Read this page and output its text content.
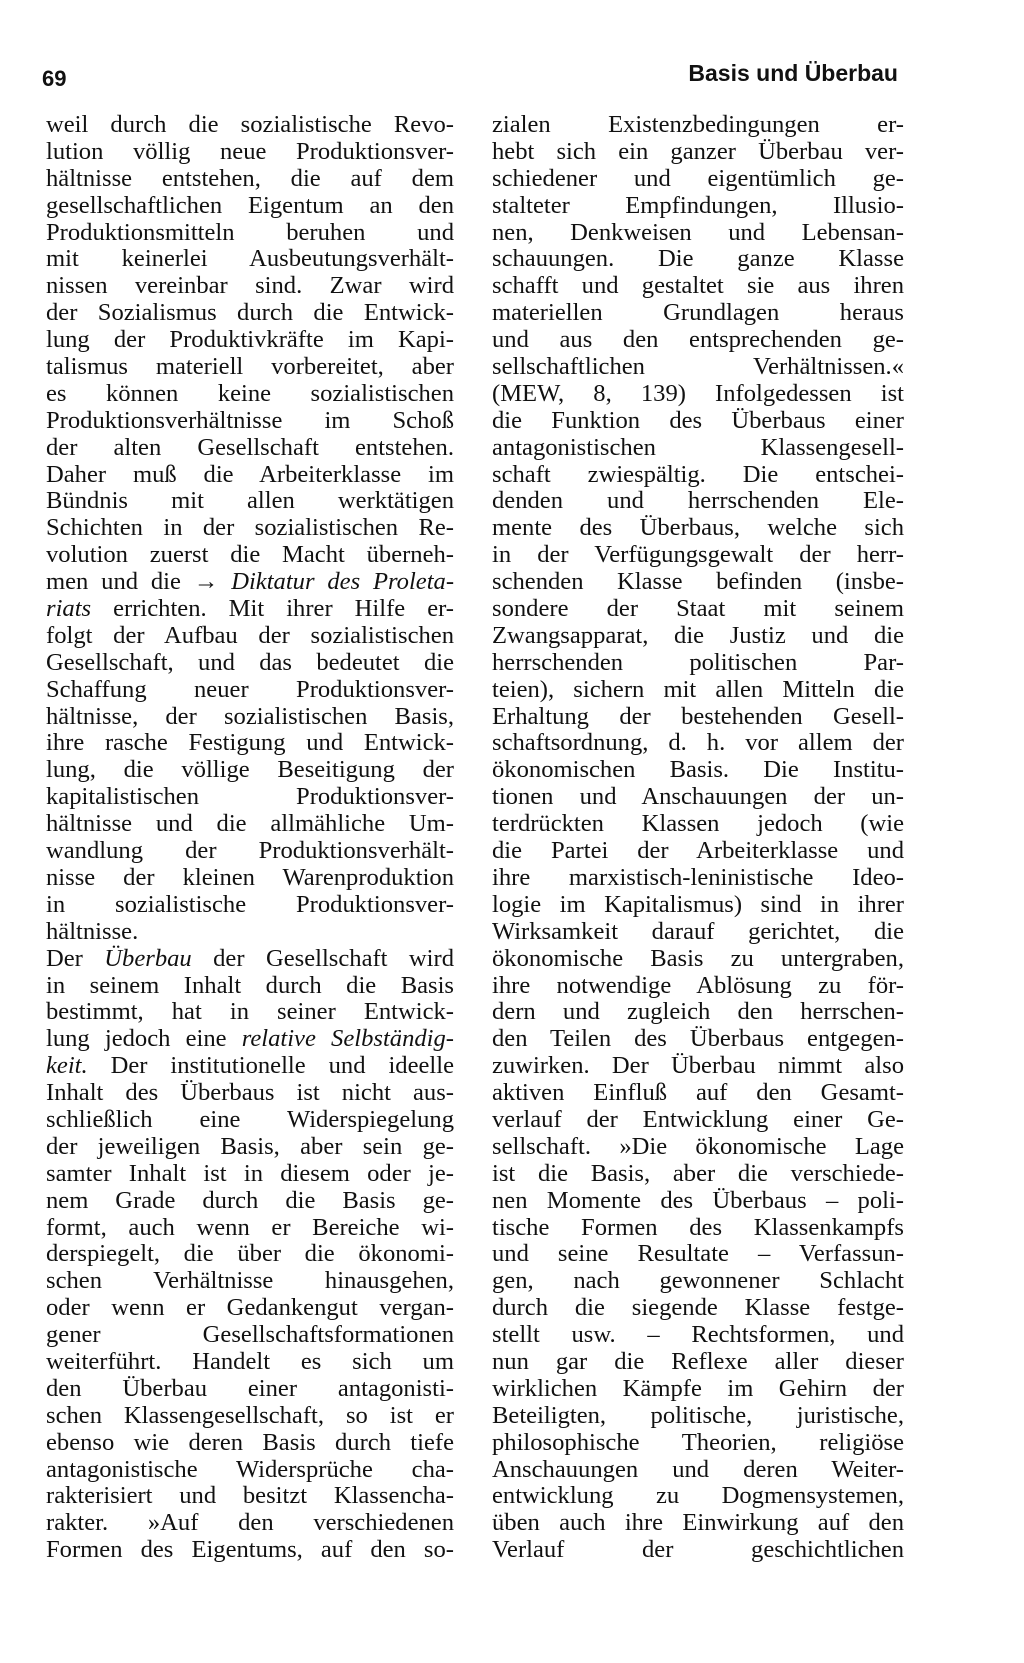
69	Basis und Überbau
weil durch die sozialistische Revo-
lution völlig neue Produktionsver-
hältnisse entstehen, die auf dem
gesellschaftlichen Eigentum an den
Produktionsmitteln beruhen und
mit keinerlei Ausbeutungsverhält-
nissen vereinbar sind. Zwar wird
der Sozialismus durch die Entwick-
lung der Produktivkräfte im Kapi-
talismus materiell vorbereitet, aber
es können keine sozialistischen
Produktionsverhältnisse im Schoß
der alten Gesellschaft entstehen.
Daher muß die Arbeiterklasse im
Bündnis mit allen werktätigen
Schichten in der sozialistischen Re-
volution zuerst die Macht überneh-
men und die → Diktatur des Proleta-
riats errichten. Mit ihrer Hilfe er-
folgt der Aufbau der sozialistischen
Gesellschaft, und das bedeutet die
Schaffung neuer Produktionsver-
hältnisse, der sozialistischen Basis,
ihre rasche Festigung und Entwick-
lung, die völlige Beseitigung der
kapitalistischen Produktionsver-
hältnisse und die allmähliche Um-
wandlung der Produktionsverhält-
nisse der kleinen Warenproduktion
in sozialistische Produktionsver-
hältnisse.
Der Überbau der Gesellschaft wird
in seinem Inhalt durch die Basis
bestimmt, hat in seiner Entwick-
lung jedoch eine relative Selbständig-
keit. Der institutionelle und ideelle
Inhalt des Überbaus ist nicht aus-
schließlich eine Widerspiegelung
der jeweiligen Basis, aber sein ge-
samter Inhalt ist in diesem oder je-
nem Grade durch die Basis ge-
formt, auch wenn er Bereiche wi-
derspiegelt, die über die ökonomi-
schen Verhältnisse hinausgehen,
oder wenn er Gedankengut vergan-
gener Gesellschaftsformationen
weiterführt. Handelt es sich um
den Überbau einer antagonisti-
schen Klassengesellschaft, so ist er
ebenso wie deren Basis durch tiefe
antagonistische Widersprüche cha-
rakterisiert und besitzt Klassencha-
rakter. »Auf den verschiedenen
Formen des Eigentums, auf den so-
zialen Existenzbedingungen er-
hebt sich ein ganzer Überbau ver-
schiedener und eigentümlich ge-
stalteter Empfindungen, Illusio-
nen, Denkweisen und Lebensan-
schauungen. Die ganze Klasse
schafft und gestaltet sie aus ihren
materiellen Grundlagen heraus
und aus den entsprechenden ge-
sellschaftlichen Verhältnissen.«
(MEW, 8, 139) Infolgedessen ist
die Funktion des Überbaus einer
antagonistischen Klassengesell-
schaft zwiespältig. Die entschei-
denden und herrschenden Ele-
mente des Überbaus, welche sich
in der Verfügungsgewalt der herr-
schenden Klasse befinden (insbe-
sondere der Staat mit seinem
Zwangsapparat, die Justiz und die
herrschenden politischen Par-
teien), sichern mit allen Mitteln die
Erhaltung der bestehenden Gesell-
schaftsordnung, d. h. vor allem der
ökonomischen Basis. Die Institu-
tionen und Anschauungen der un-
terdrückten Klassen jedoch (wie
die Partei der Arbeiterklasse und
ihre marxistisch-leninistische Ideo-
logie im Kapitalismus) sind in ihrer
Wirksamkeit darauf gerichtet, die
ökonomische Basis zu untergraben,
ihre notwendige Ablösung zu för-
dern und zugleich den herrschen-
den Teilen des Überbaus entgegen-
zuwirken. Der Überbau nimmt also
aktiven Einfluß auf den Gesamt-
verlauf der Entwicklung einer Ge-
sellschaft. »Die ökonomische Lage
ist die Basis, aber die verschiede-
nen Momente des Überbaus – poli-
tische Formen des Klassenkampfs
und seine Resultate – Verfassun-
gen, nach gewonnener Schlacht
durch die siegende Klasse festge-
stellt usw. – Rechtsformen, und
nun gar die Reflexe aller dieser
wirklichen Kämpfe im Gehirn der
Beteiligten, politische, juristische,
philosophische Theorien, religiöse
Anschauungen und deren Weiter-
entwicklung zu Dogmensystemen,
üben auch ihre Einwirkung auf den
Verlauf der geschichtlichen
